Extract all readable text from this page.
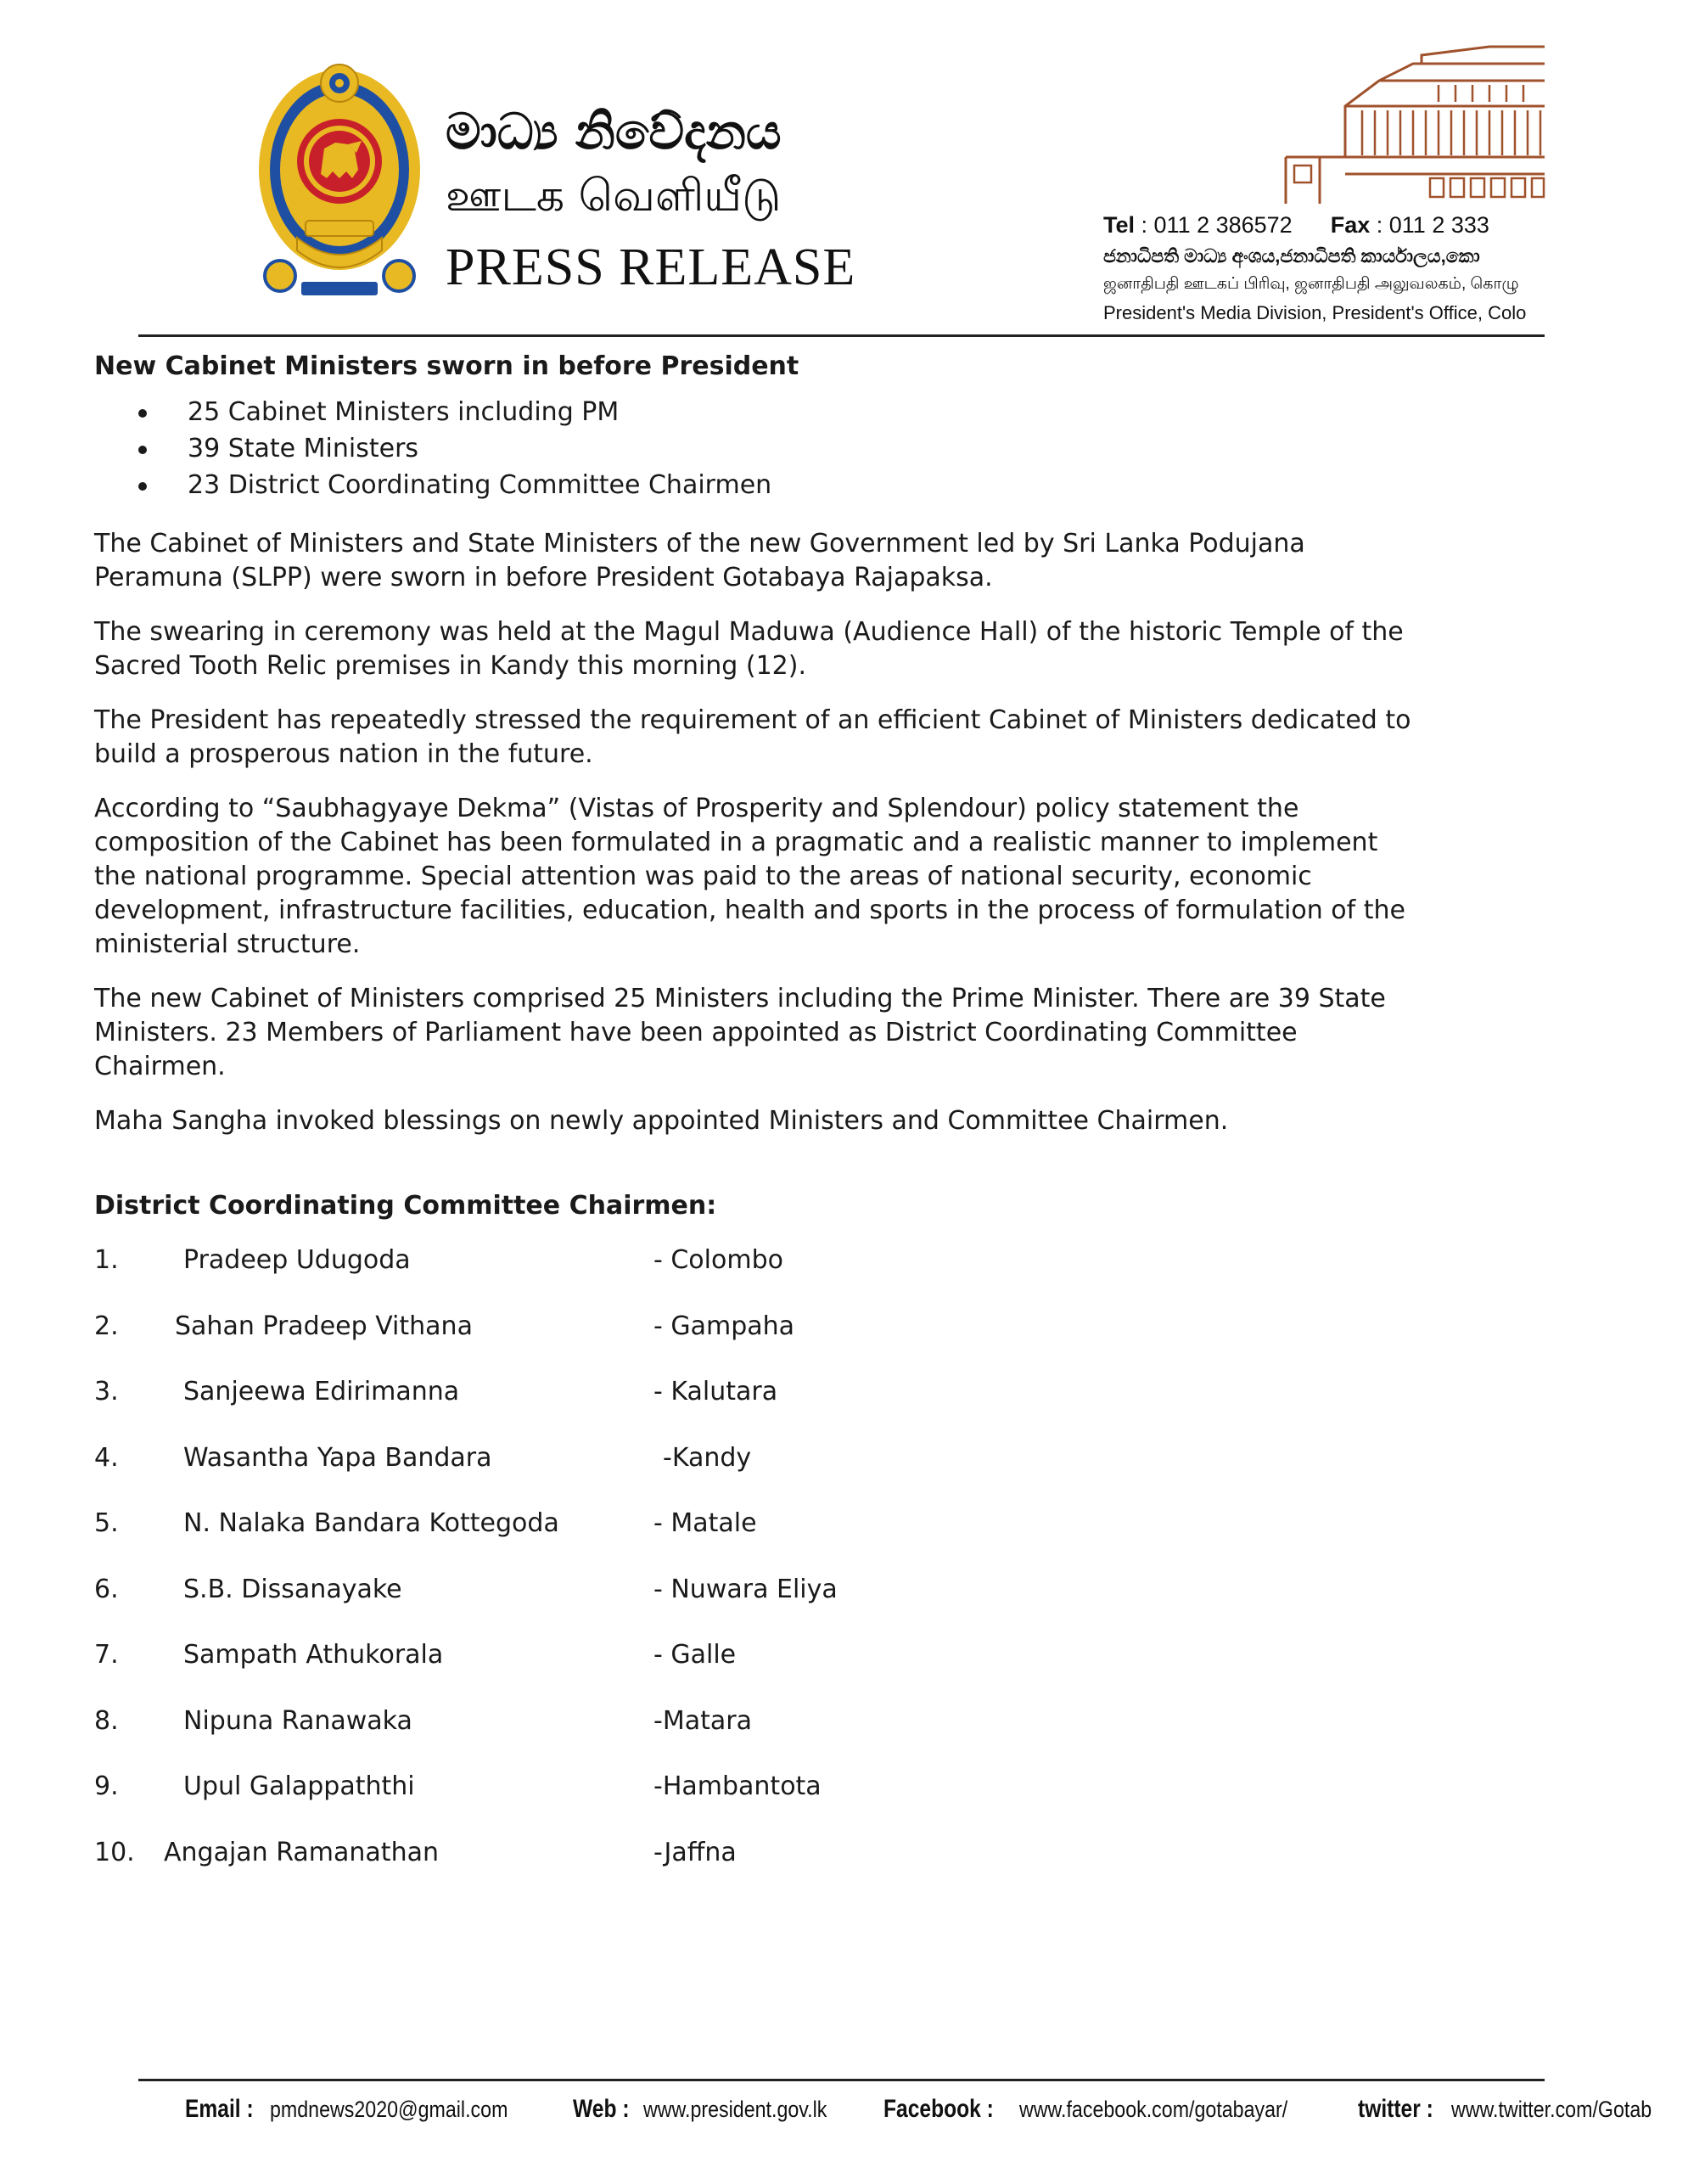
මාධ්‍ය නිවේදනය
ஊடக வெளியீடு
PRESS RELEASE
Tel : 011 2 386572 Fax : 011 2 333
ජනාධිපති මාධ්‍ය අංශය,ජනාධිපති කාර්යාලය,කො
ஜனாதிபதி ஊடகப் பிரிவு, ஜனாதிபதி அலுவலகம், கொழு
President's Media Division, President's Office, Colo
New Cabinet Ministers sworn in before President
25 Cabinet Ministers including PM
39 State Ministers
23 District Coordinating Committee Chairmen

The Cabinet of Ministers and State Ministers of the new Government led by Sri Lanka Podujana Peramuna (SLPP) were sworn in before President Gotabaya Rajapaksa.

The swearing in ceremony was held at the Magul Maduwa (Audience Hall) of the historic Temple of the Sacred Tooth Relic premises in Kandy this morning (12).

The President has repeatedly stressed the requirement of an efficient Cabinet of Ministers dedicated to build a prosperous nation in the future.

According to “Saubhagyaye Dekma” (Vistas of Prosperity and Splendour) policy statement the composition of the Cabinet has been formulated in a pragmatic and a realistic manner to implement the national programme. Special attention was paid to the areas of national security, economic development, infrastructure facilities, education, health and sports in the process of formulation of the ministerial structure.

The new Cabinet of Ministers comprised 25 Ministers including the Prime Minister. There are 39 State Ministers. 23 Members of Parliament have been appointed as District Coordinating Committee Chairmen.

Maha Sangha invoked blessings on newly appointed Ministers and Committee Chairmen.

District Coordinating Committee Chairmen:
1.	Pradeep Udugoda	- Colombo
2. Sahan Pradeep Vithana	- Gampaha
3.	Sanjeewa Edirimanna	- Kalutara
4.	Wasantha Yapa Bandara	-Kandy
5.	N. Nalaka Bandara Kottegoda	- Matale
6.	S.B. Dissanayake	- Nuwara Eliya
7.	Sampath Athukorala	- Galle
8.	Nipuna Ranawaka	-Matara
9.	Upul Galappaththi	-Hambantota
10. Angajan Ramanathan	-Jaffna
Email : pmdnews2020@gmail.com	Web : www.president.gov.lk Facebook : www.facebook.com/gotabayar/	twitter : www.twitter.com/Gotab
